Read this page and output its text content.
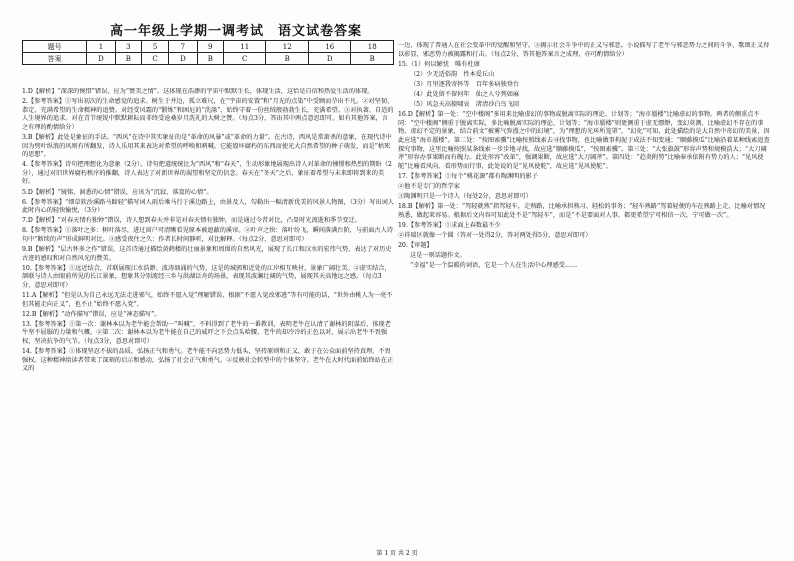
高一年级上学期一调考试 语文试卷答案
题号	1	3	5	7	9	11	12	16	18
答案	D	B	C	D	B	C	B	D	B

1.D【解析】“深深的惋惜”错误，应为“赞美之情”。这体现在浩渺的宇宙中默默生长，体现生活，这恰是自信和热爱生活的体现。

2.【参考答案】①写出初次的生命感觉的追求。树生于井边，孤立难尺，在“宇宙的安置”和“月光的点染”中受顾而孕出不凡。②对坚韧、恭定、充满希望的生命精神的追赞。对经受风霜的“锻炼”和困厄的“洗涤”，始终守着一份丝绒般勃勃生长，充满希望。③对执著、自适的人生境界的追求。对在青节统锐中默默耕耘而非终受沧桑岁月洗礼的大树之赞。（每点3分，答出其中两点意思即可。如有其他答案，言之有理的酌情给分）

3.B【解析】此处是象征的手法。“西风”在诗中其实象征的是“革命的风暴”或“革命的力量”。在古诗，西风是常萧杀的意象，在现代诗中因为劈叶纵浪的风则有所翻发，诗人乐用其来表达对希望的呼唤和吶喊。它能毁坏腐朽的东西而使光大自然希望的种子萌发，而是“枯死的思想”。

4.【参考答案】诗句把理想化为意象（2分），诗句把道统统比为“西风”和“春天”，生动形象地展现出诗人对革命的憧憬和热烈的期盼（2分），通过对旧世界腐朽秩序的推翻，诗人表达了对新世界的渴望和坚定的信念。春天在“冬天”之后，象征着希望与未来即将到来的美好。

5.D【解析】“镜铭、洞悉的心情”错误，应该为“沉寂、落寞的心情”。

6.【参考答案】“细草软沙溪路马蹄轻”描写词人雨后乘马行于溪边路上，由景及人，勾勒出一幅清新优美的风景人物图，（3分）写出词人此时内心的轻快愉悦，（3分）

7.D【解析】“对春天情有独钟”错误，诗人想到春天并非是对春天情有独钟，而是通过今昔对比，凸显时光流逝和季节变迁。

8.【参考答案】①落叶之多：树叶落尽，进过窗户可清晰看见原本被遮蔽的溪帘。②叶声之快：落叶纷飞，瞬间落满台阶，与前面古人诗句中“断续的声”形成鲜明对比。③感受夜住之久：作者长时间静听，对比解释。（每点2分，意思对即可）

9.B【解析】“层古怀多之作”错误，这首诗通过描绘黄鹤楼的壮丽景象和周围的自然风光，展现了长江和汉水的宏伟气势，表达了对历史古迹的感叹和对自然风光的赞美。

10.【参考答案】①远近结合，首联展现江水浩渺、波涛汹涌的气势，这是的城郭和近处的江岸相互映衬，景象广阔壮美。②虚实结合，颔联与诗人由眼前所见的长江景象，想象其分别流经三乡与洪湖泛舟的场景，表现其波澜壮阔的气势，展现其天高地远之感。（每点3分，意思对即可）

11.A【解析】“但是认为自己永远无法走进邪气，始终不愿入觉”理解错误，根据“不愿入觉改邪逃”等有可能的话，“世外由桃人为一亮不但其能走向正义”，也不止“始终不愿入党”。

12.B【解析】“动作描写”错误，应是“神态描写”。

13.【参考答案】①第一次：谢林本以为老牛能会帮助一“叫喊”，不料得到了老牛的一番教训，表明老牛在认清了谢林的阴谋后，体现老牛坚不屈服的力量和气概。②第二次：谢林本以为老牛能在自己的威吓之下会点头哈腰，老牛的却冷冷的正色以对，展示出老牛不畏强权，坚决抗争的气节。（每点3分，意思对即可）

14.【参考答案】①体现坚忍不拔的品质，弘扬正气和勇气。老牛能不向恶势力低头，坚持原则和正义，敢于在公众面前坚持真理，不畏强权。这种精神给读者带来了深刻的启示和感动，弘扬了社会正气和勇气。②反映社会转型中的个体坚守。老牛在大时代面前始终站在正义的

一边，体现了普通人在社会变革中的觉醒和坚守。③揭示社会斗争中的正义与邪恶。小说描写了老牛与邪恶势力之间的斗争，歌颂正义得以彰显，邪恶势力被揭露和打击。（每点2分，答其他答案言之成理，亦可酌情给分）

15.（1）何以解忧　唯有杜康

（2）少无适俗韵　性本爱丘山

（3）月里逐我寄怀等　百年多病独登台

（4）此处留不留何年　仙之人兮列如麻

（5）风急天高猿啸哀　渚清沙白鸟飞回

16.D【解析】第一处：“空中楼阁”多用来比喻虚幻的事物或脱离实际的理论、计划等；“海市蜃楼”比喻虚幻的事物。两者的侧重点不同：“空中楼阁”侧重于脱离实际，多比喻脱离实际的理论、计划等；“海市蜃楼”则更侧重于虚无缥缈，变幻莫测，比喻虚幻不存在的事物，虚幻不定的景象，结合前文“被雾气弥漫之中的幻境”，为“理想的光环所笼罩”，“幻化”可知，此处描绘的是大自然中奇幻的美景，因此应选“海市蜃楼”。第二处：“按图索骥”比喻按照线索去寻找事物，也比喻做事拘泥于成法不知变通；“顺藤摸瓜”比喻沿着某种线索追查探究事物，这里比喻按照某条线索一步步地寻找，故应选“顺藤摸瓜”，“按图索骥”。第三处：“大张旗鼓”形容声势和规模浩大；“大刀阔斧”形容办事果断而有魄力。此处形容“改革”，强调果断，故应选“大刀阔斧”。第四处：“趋炎附势”比喻奉承依附有势力的人；“见风使舵”比喻看风向、看形势而行事，此处说的是“见风使舵”，故应选“见风使舵”。

17.【参考答案】①每个“桃花源”都有陶渊明的影子

②他不是专门的哲学家

③陶渊明只是一个诗人（每处2分，意思对即可）

18.B【解析】第一处：“驾轻就熟”指驾轻车，走熟路，比喻承担熟习、轻松的事务；“轻车熟路”驾着轻便的车在熟路上走，比喻对情况熟悉，做起来容易。根据后文内容可知此处不是“驾轻车”，而是“不是要面对人事，都更希望宁可相信一次，宁可做一次”。

19.【参考答案】①求面上春数最不少

②祥瑞区就像一个圆（答对一处得2分，答对两处得5分，意思对即可）

20.【审题】

这是一则话题作文。

“幸福”是一个温暖的词语，它是一个人在生活中心理感受……

第 1 页 共 2 页
